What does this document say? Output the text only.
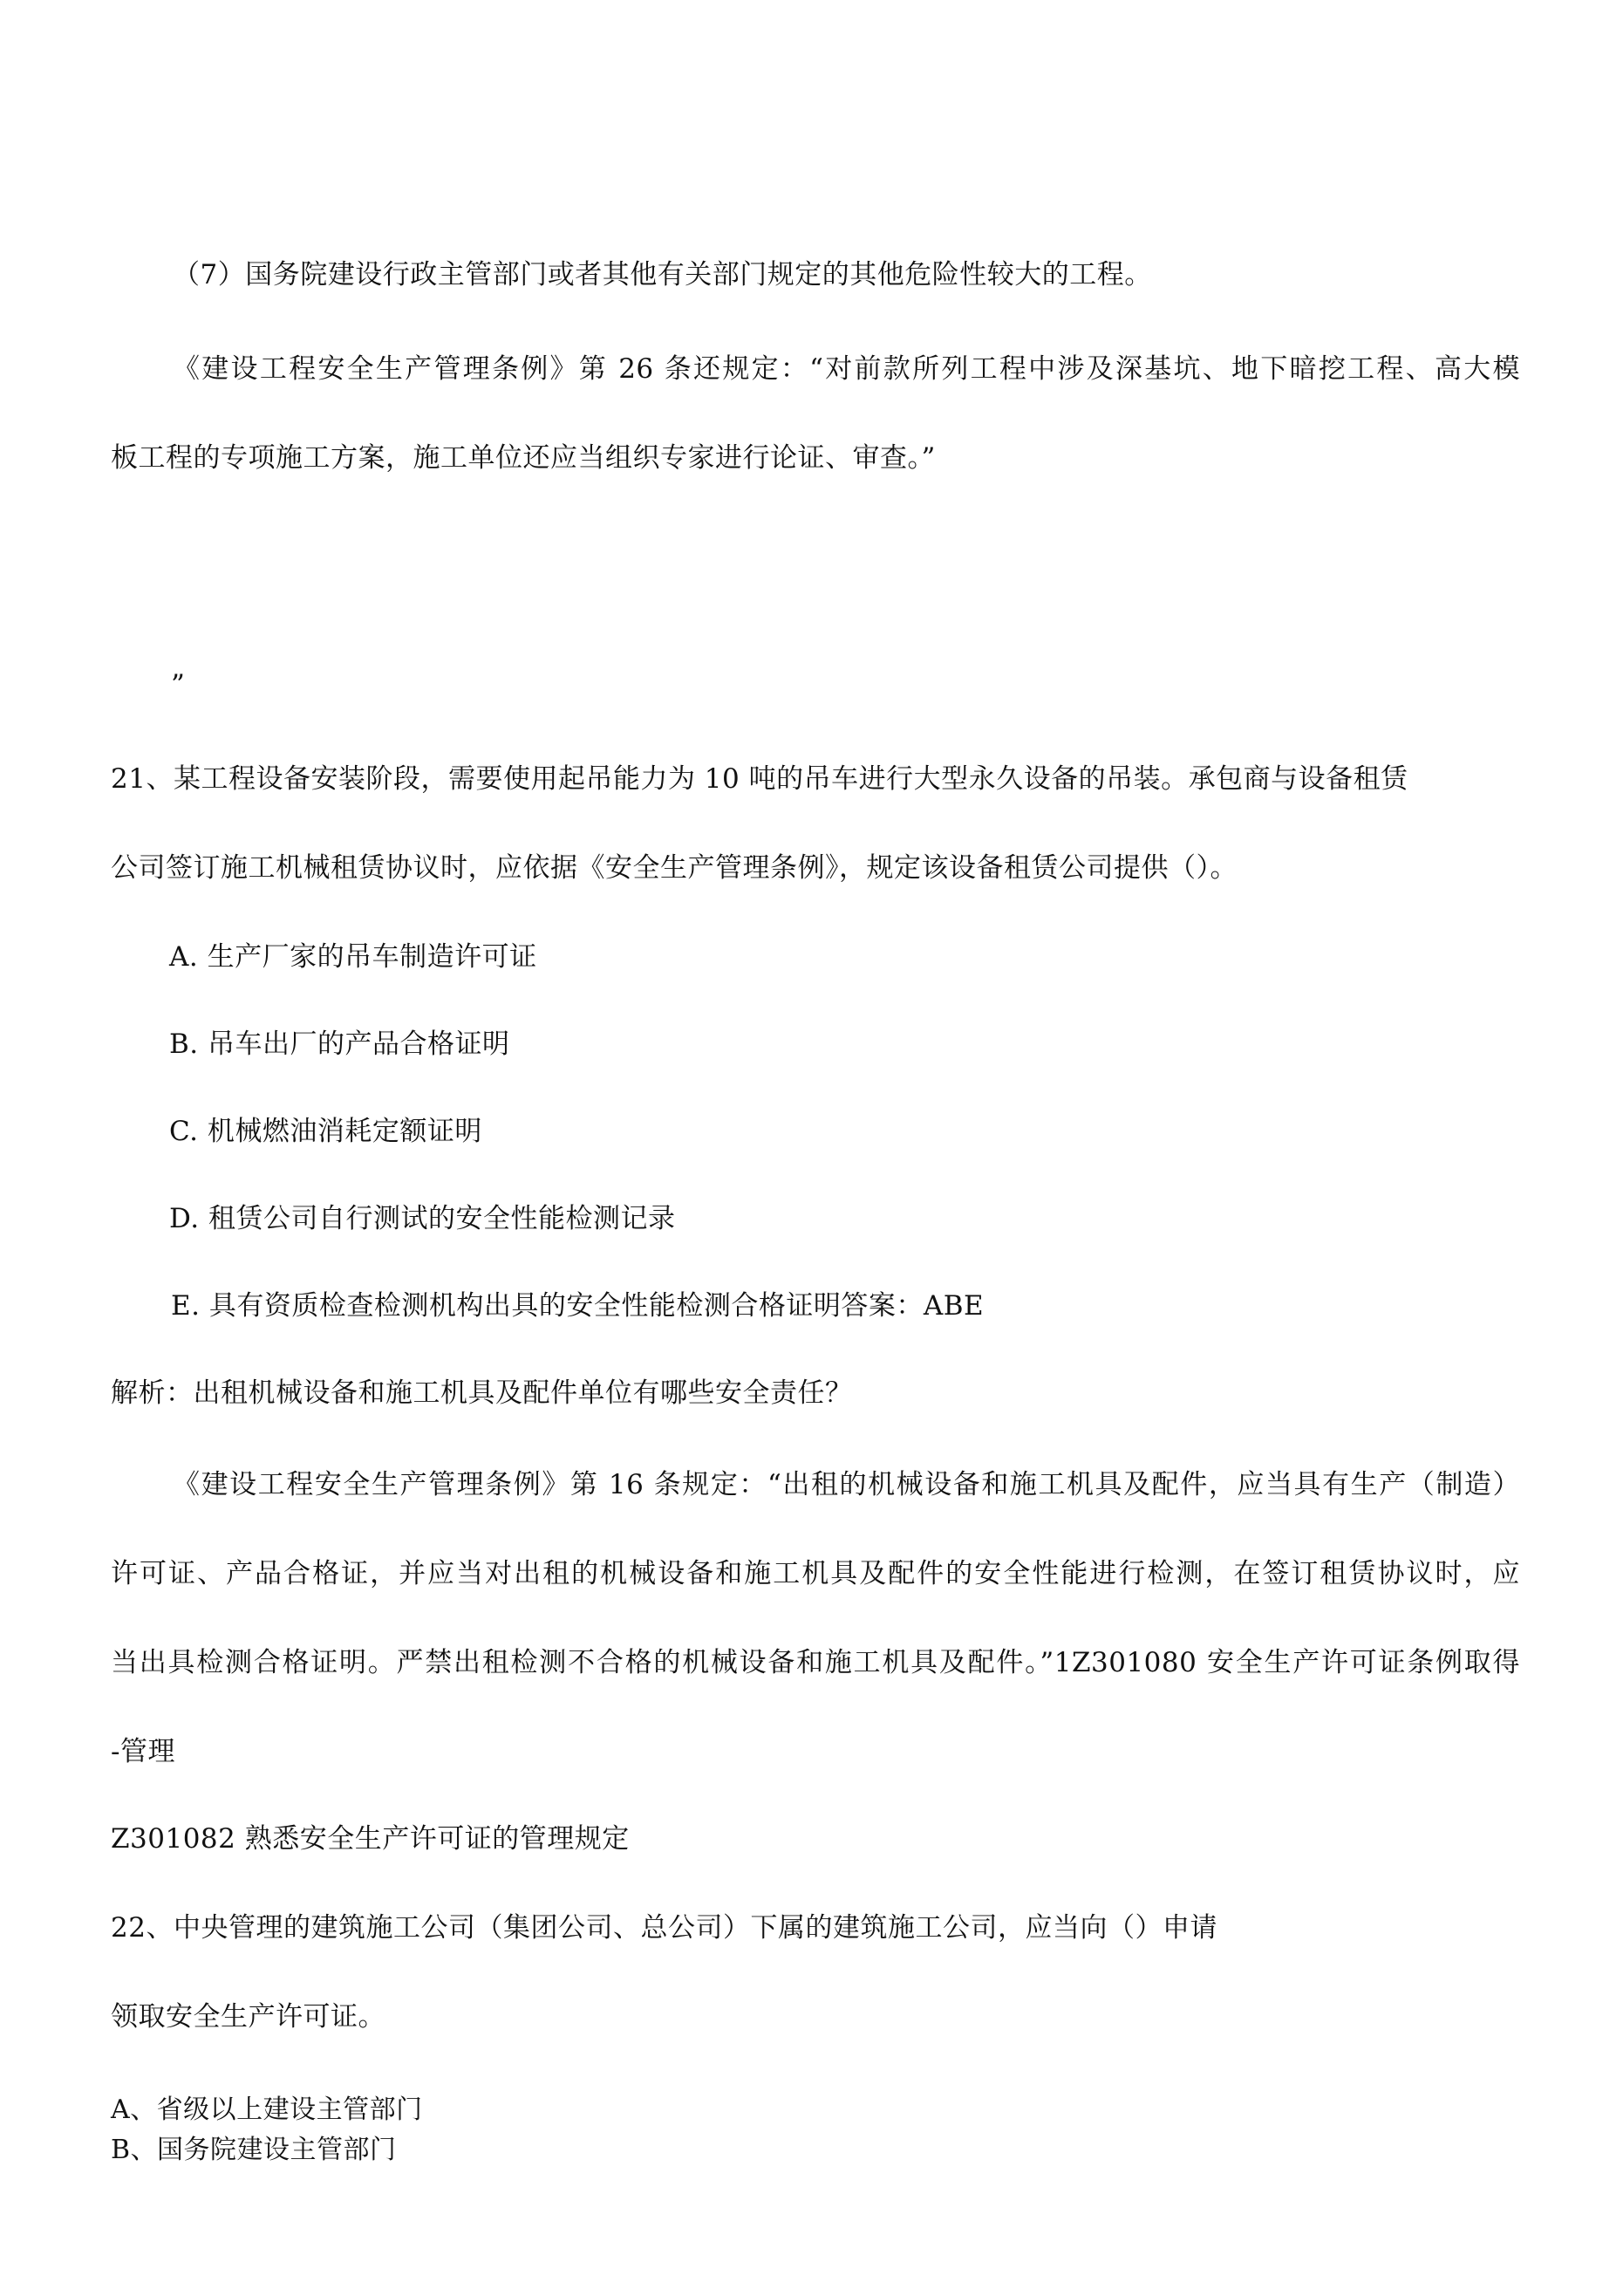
（7）国务院建设行政主管部门或者其他有关部门规定的其他危险性较大的工程。
《建设工程安全生产管理条例》第 26 条还规定：“对前款所列工程中涉及深基坑、地下暗挖工程、高大模
板工程的专项施工方案，施工单位还应当组织专家进行论证、审查。”
”
21、某工程设备安装阶段，需要使用起吊能力为 10 吨的吊车进行大型永久设备的吊装。承包商与设备租赁
公司签订施工机械租赁协议时，应依据《安全生产管理条例》，规定该设备租赁公司提供（）。
A. 生产厂家的吊车制造许可证
B. 吊车出厂的产品合格证明
C. 机械燃油消耗定额证明
D. 租赁公司自行测试的安全性能检测记录
E. 具有资质检查检测机构出具的安全性能检测合格证明答案：ABE
解析：出租机械设备和施工机具及配件单位有哪些安全责任？
《建设工程安全生产管理条例》第 16 条规定：“出租的机械设备和施工机具及配件，应当具有生产（制造）
许可证、产品合格证，并应当对出租的机械设备和施工机具及配件的安全性能进行检测，在签订租赁协议时，应
当出具检测合格证明。严禁出租检测不合格的机械设备和施工机具及配件。”1Z301080 安全生产许可证条例取得
-管理
Z301082 熟悉安全生产许可证的管理规定
22、中央管理的建筑施工公司（集团公司、总公司）下属的建筑施工公司，应当向（）申请
领取安全生产许可证。
A、省级以上建设主管部门
B、国务院建设主管部门
